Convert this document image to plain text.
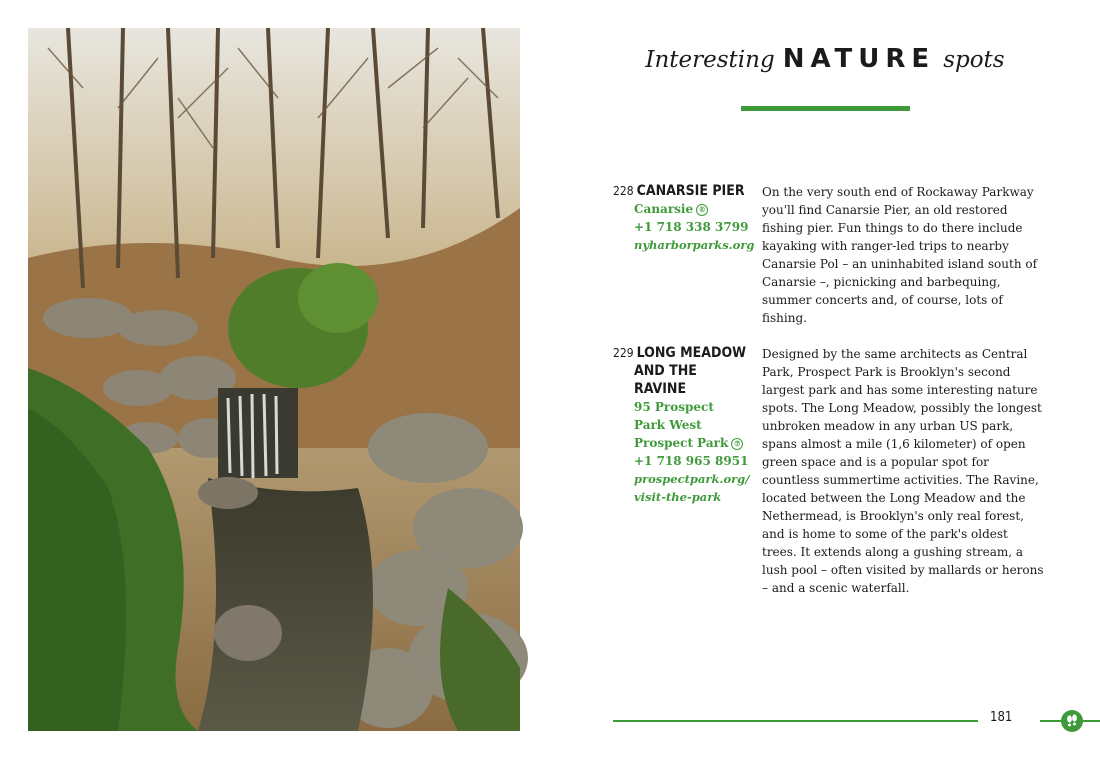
229 THE RAVINE
Interesting NATURE spots
228 CANARSIE PIER
Canarsie ®
+1 718 338 3799
nyharborparks.org
On the very south end of Rockaway Parkway you'll find Canarsie Pier, an old restored fishing pier. Fun things to do there include kayaking with ranger-led trips to nearby Canarsie Pol – an uninhabited island south of Canarsie –, picnicking and barbequing, summer concerts and, of course, lots of fishing.
229 LONG MEADOW
AND THE RAVINE
95 Prospect
Park West
Prospect Park ⑦
+1 718 965 8951
prospectpark.org/
visit-the-park
Designed by the same architects as Central Park, Prospect Park is Brooklyn's second largest park and has some interesting nature spots. The Long Meadow, possibly the longest unbroken meadow in any urban US park, spans almost a mile (1,6 kilometer) of open green space and is a popular spot for countless summertime activities. The Ravine, located between the Long Meadow and the Nethermead, is Brooklyn's only real forest, and is home to some of the park's oldest trees. It extends along a gushing stream, a lush pool – often visited by mallards or herons – and a scenic waterfall.
181
